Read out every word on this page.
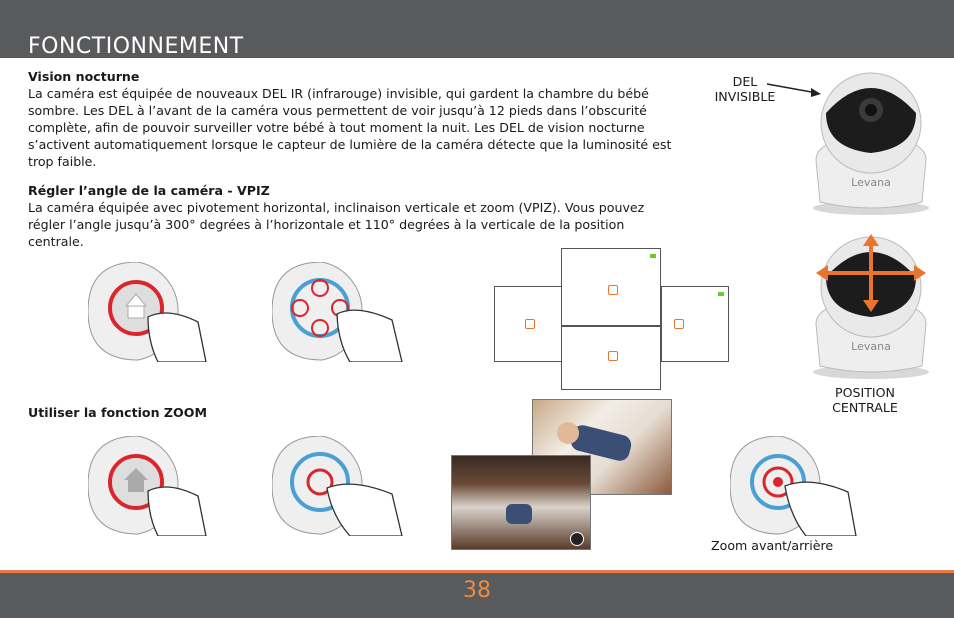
FONCTIONNEMENT
Vision nocturne
La caméra est équipée de nouveaux DEL IR (infrarouge) invisible, qui gardent la chambre du bébé sombre. Les DEL à l’avant de la caméra vous permettent de voir jusqu’à 12 pieds dans l’obscurité complète, afin de pouvoir surveiller votre bébé à tout moment la nuit. Les DEL de vision nocturne s’activent automatiquement lorsque le capteur de lumière de la caméra détecte que la luminosité est trop faible.
Régler l’angle de la caméra - VPIZ
La caméra équipée avec pivotement horizontal, inclinaison verticale et zoom (VPIZ). Vous pouvez régler l’angle jusqu’à 300° degrées à l’horizontale et 110° degrées à la verticale de la position centrale.
Utiliser la fonction ZOOM
DEL
INVISIBLE
Levana
Levana
POSITION
CENTRALE
Zoom avant/arrière
38
